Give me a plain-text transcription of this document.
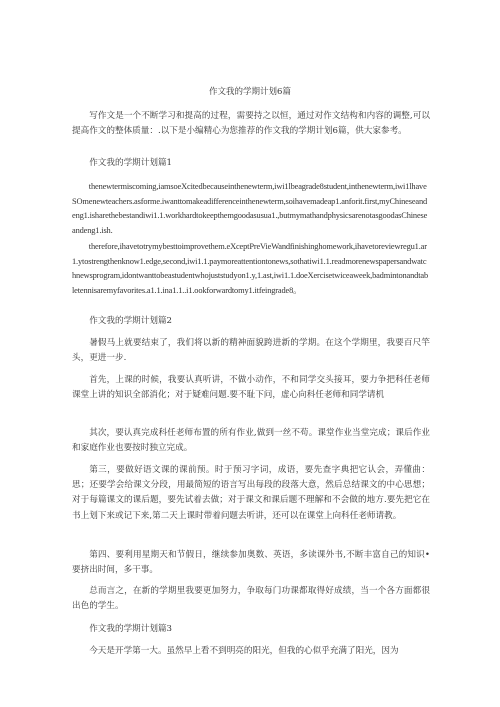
作文我的学期计划6篇

写作文是一个不断学习和提高的过程，需要持之以恒，通过对作文结构和内容的调整,可以提高作文的整体质量：.以下是小编精心为您推荐的作文我的学期计划6篇，供大家参考。

作文我的学期计划篇1

thenewtermiscoming,iamsoeXcitedbecauseinthenewterm,iwi1lbeagrade8student,inthenewterm,iwi1lhaveSOmenewteachers.asforme.iwanttomakeadifferenceinthenewterm,soihavemadeap1.anforit.first,myChineseandeng1.isharethebestandiwi1.1.workhardtokeepthemgoodasusua1.,butmymathandphysicsarenotasgoodasChineseandeng1.ish.

therefore,ihavetotrymybesttoimprovethem.eXceptPreVieWandfinishinghomework,ihavetoreviewregu1.ar1.ytostrengthenknow1.edge,second,iwi1.1.paymoreattentiontonews,sothatiwi1.1.readmorenewspapersandwatchnewsprogram,idontwanttobeastudentwhojuststudyon1.y,1.ast,iwi1.1.doeXercisetwiceaweek,badmintonandtabletennisaremyfavorites.a1.1.ina1.1..i1.ookforwardtomy1.itfeingrade8。

作文我的学期计划篇2

暑假马上就要结束了，我们将以新的精神面貌跨进新的学期。在这个学期里，我要百尺竿头，更进一步.

首先，上课的时候，我要认真听讲，不做小动作，不和同学交头接耳，要力争把科任老师课堂上讲的知识全部消化；对于疑难问题.要不耻下问，虚心向科任老师和同学请机

其次，要认真完成科任老师布置的所有作业,做到一丝不苟。课堂作业当堂完成；课后作业和家庭作业也要按时独立完成。

第三，要做好语文课的课前预。时于预习字词，成语，要先查字典把它认会，弄懂曲：思；还要学会给课文分段，用最简短的语言写出每段的段落大意，然后总结课文的中心思想；对于每篇课文的课后题，要先试着去做；对于课文和课后题不理解和不会做的地方.要先把它在书上划下来或记下来,第二天上课时带着问题去听讲，还可以在课堂上向科任老师请教。

第四、要利用星期天和节假日，继续参加奥数、英语，多读课外书,不断丰富自己的知识•要挤出时间，多干事。

总而言之，在新的学期里我要更加努力，争取每门功课都取得好成绩，当一个各方面都很出色的学生。

作文我的学期计划篇3

今天是开学第一大。虽然早上看不到明亮的阳光，但我的心似乎充满了阳光，因为
